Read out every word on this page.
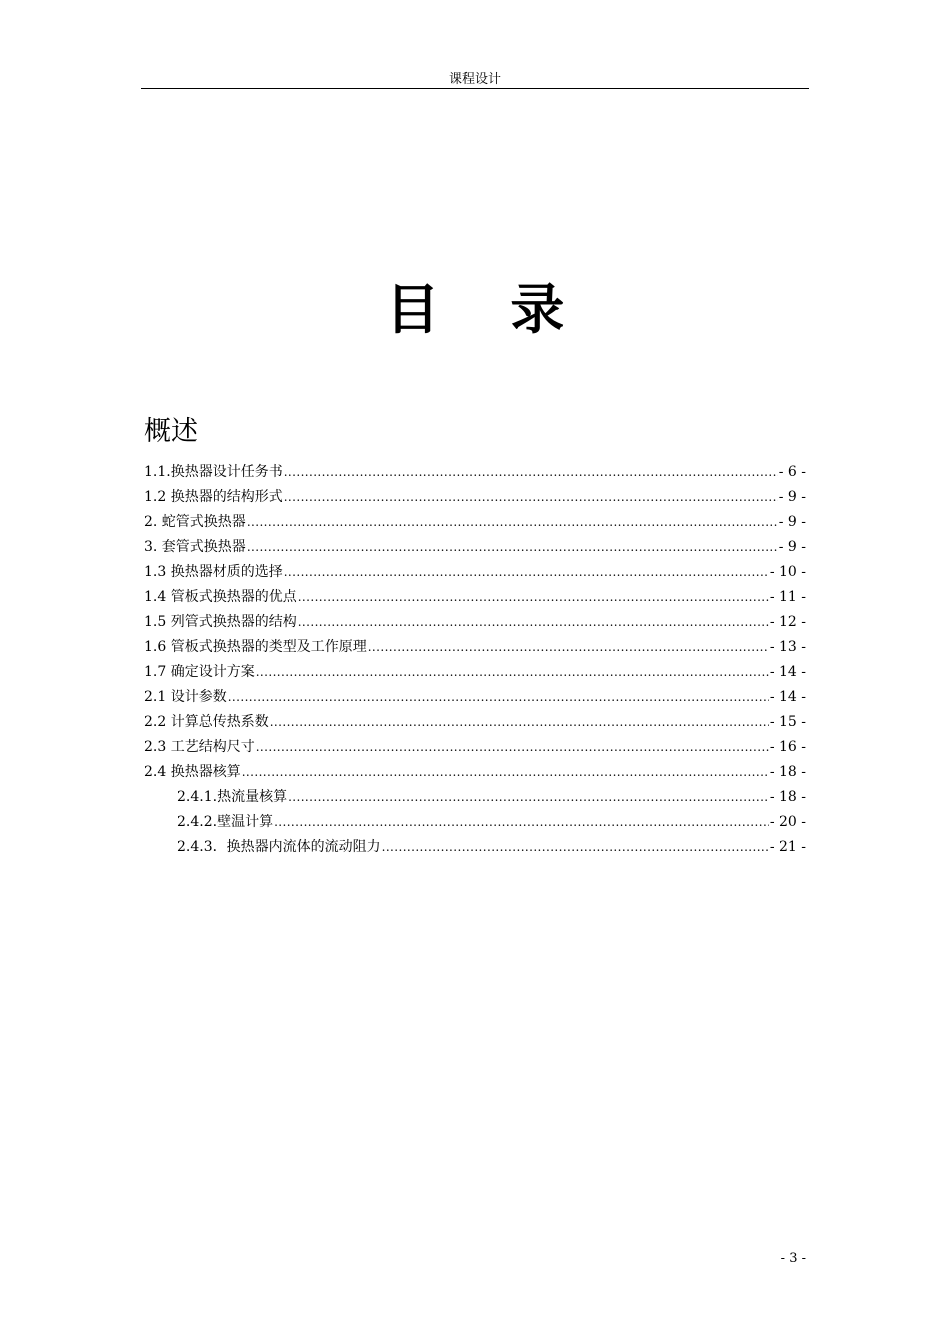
课程设计
目 录
概述
1.1.换热器设计任务书 .....	- 6 -
1.2 换热器的结构形式 .....	- 9 -
2. 蛇管式换热器 .....	- 9 -
3. 套管式换热器 .....	- 9 -
1.3 换热器材质的选择 .....	- 10 -
1.4 管板式换热器的优点 .....	- 11 -
1.5 列管式换热器的结构 .....	- 12 -
1.6 管板式换热器的类型及工作原理 .....	- 13 -
1.7 确定设计方案 .....	- 14 -
2.1 设计参数 .....	- 14 -
2.2 计算总传热系数 .....	- 15 -
2.3 工艺结构尺寸 .....	- 16 -
2.4 换热器核算 .....	- 18 -
2.4.1.热流量核算 .....	- 18 -
2.4.2.壁温计算 .....	- 20 -
2.4.3．换热器内流体的流动阻力 .....	- 21 -
- 3 -
